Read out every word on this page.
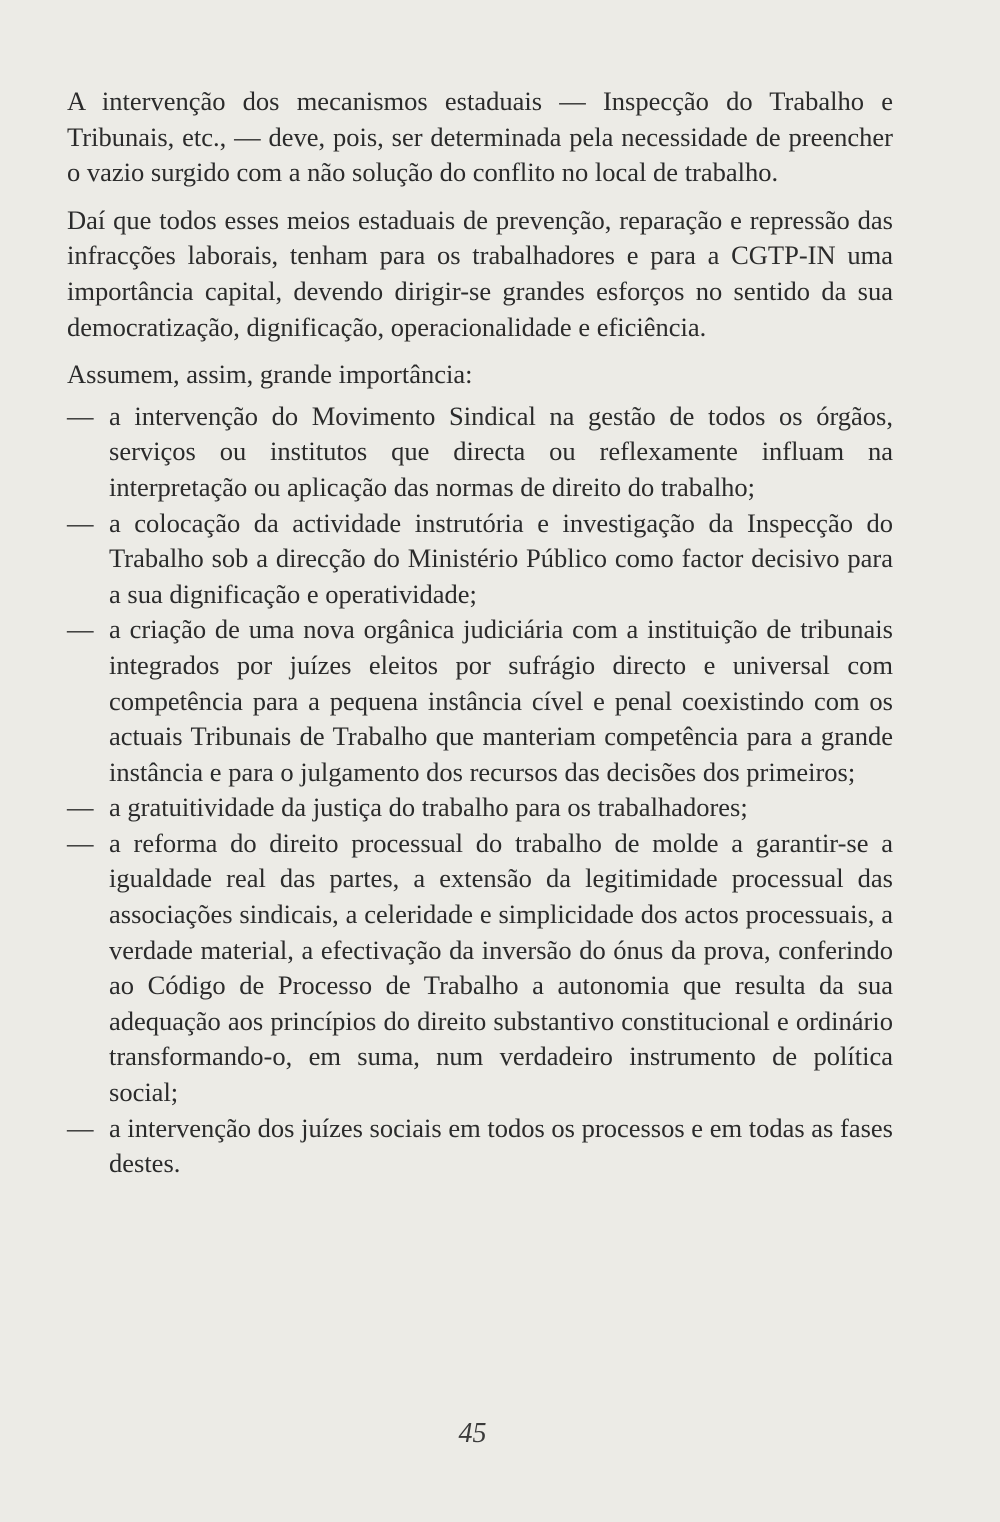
A intervenção dos mecanismos estaduais — Inspecção do Trabalho e Tribunais, etc., — deve, pois, ser determinada pela necessidade de preencher o vazio surgido com a não solução do conflito no local de trabalho.

Daí que todos esses meios estaduais de prevenção, reparação e repressão das infracções laborais, tenham para os trabalhadores e para a CGTP-IN uma importância capital, devendo dirigir-se grandes esforços no sentido da sua democratização, dignificação, operacionalidade e eficiência.

Assumem, assim, grande importância:

— a intervenção do Movimento Sindical na gestão de todos os órgãos, serviços ou institutos que directa ou reflexamente influam na interpretação ou aplicação das normas de direito do trabalho;
— a colocação da actividade instrutória e investigação da Inspecção do Trabalho sob a direcção do Ministério Público como factor decisivo para a sua dignificação e operatividade;
— a criação de uma nova orgânica judiciária com a instituição de tribunais integrados por juízes eleitos por sufrágio directo e universal com competência para a pequena instância cível e penal coexistindo com os actuais Tribunais de Trabalho que manteriam competência para a grande instância e para o julgamento dos recursos das decisões dos primeiros;
— a gratuitividade da justiça do trabalho para os trabalhadores;
— a reforma do direito processual do trabalho de molde a garantir-se a igualdade real das partes, a extensão da legitimidade processual das associações sindicais, a celeridade e simplicidade dos actos processuais, a verdade material, a efectivação da inversão do ónus da prova, conferindo ao Código de Processo de Trabalho a autonomia que resulta da sua adequação aos princípios do direito substantivo constitucional e ordinário transformando-o, em suma, num verdadeiro instrumento de política social;
— a intervenção dos juízes sociais em todos os processos e em todas as fases destes.
45
